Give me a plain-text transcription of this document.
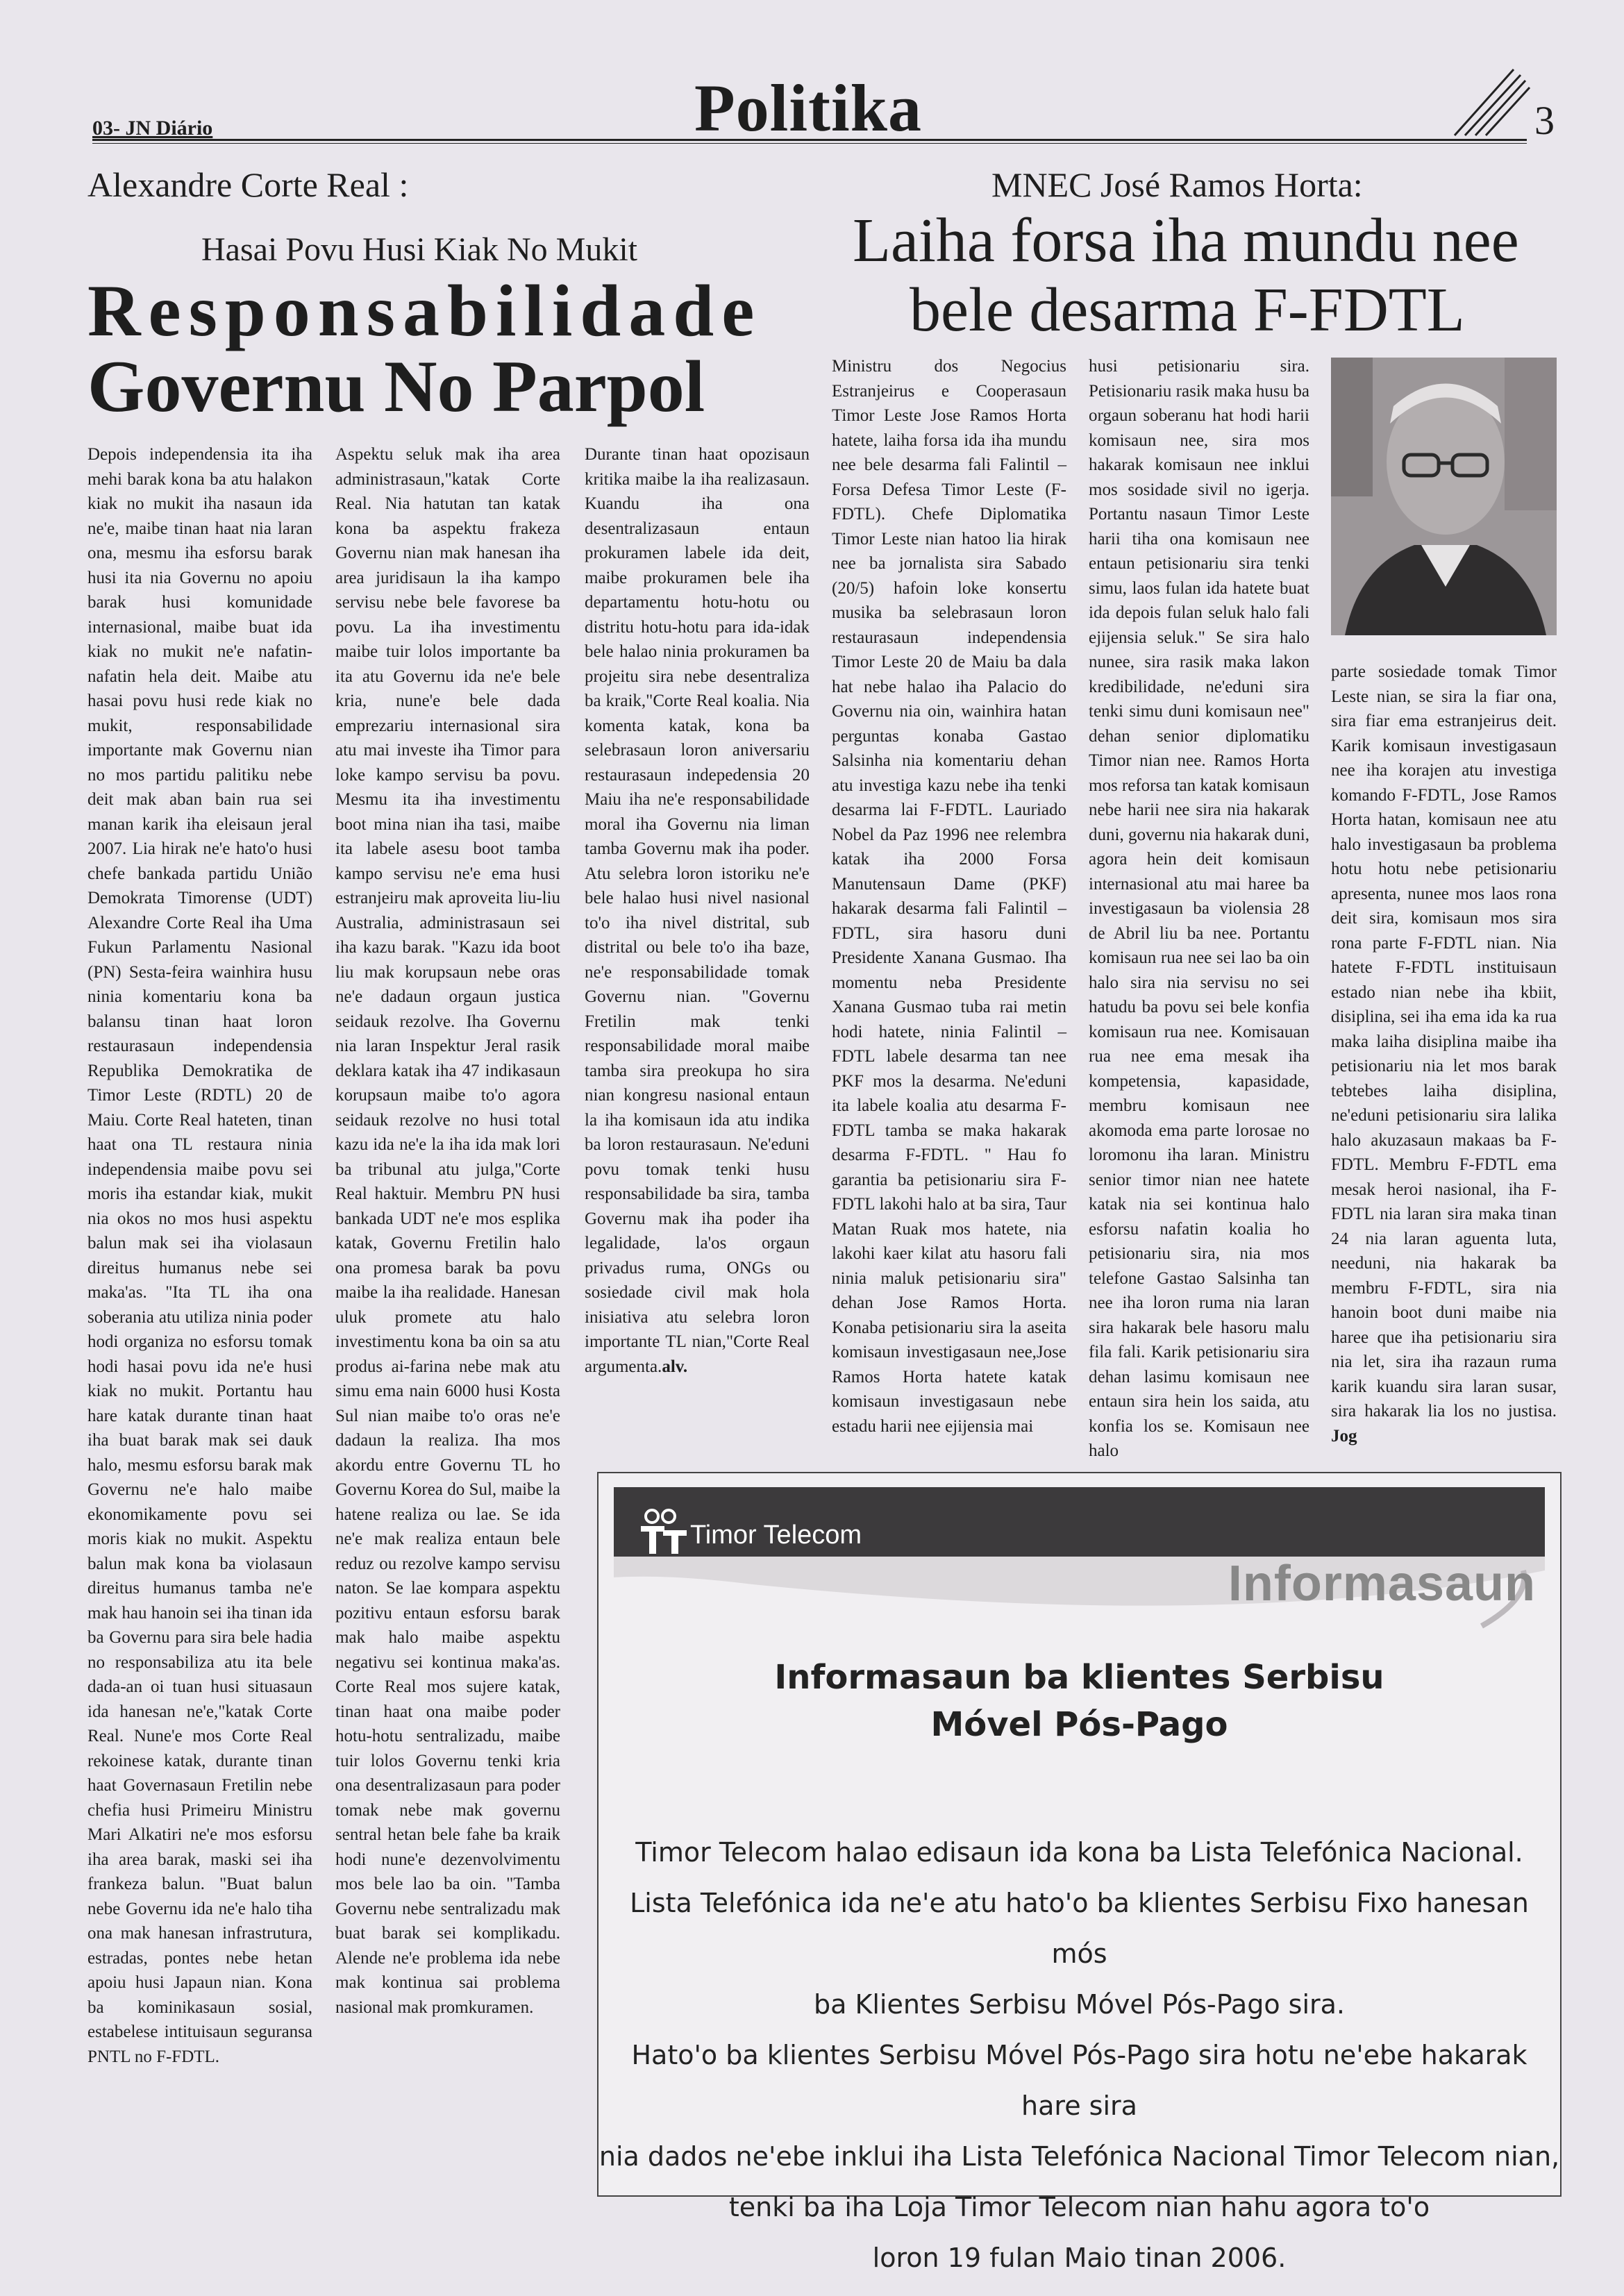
03- JN Diário	Politika	3
Alexandre Corte Real :
Hasai Povu Husi Kiak No Mukit
Responsabilidade
Governu No Parpol

Depois independensia ita iha mehi barak kona ba atu halakon kiak no mukit iha nasaun ida ne'e, maibe tinan haat nia laran ona, mesmu iha esforsu barak husi ita nia Governu no apoiu barak husi komunidade internasional, maibe buat ida kiak no mukit ne'e nafatin-nafatin hela deit. Maibe atu hasai povu husi rede kiak no mukit, responsabilidade importante mak Governu nian no mos partidu palitiku nebe deit mak aban bain rua sei manan karik iha eleisaun jeral 2007. Lia hirak ne'e hato'o husi chefe bankada partidu União Demokrata Timorense (UDT) Alexandre Corte Real iha Uma Fukun Parlamentu Nasional (PN) Sesta-feira wainhira husu ninia komentariu kona ba balansu tinan haat loron restaurasaun independensia Republika Demokratika de Timor Leste (RDTL) 20 de Maiu. Corte Real hateten, tinan haat ona TL restaura ninia independensia maibe povu sei moris iha estandar kiak, mukit nia okos no mos husi aspektu balun mak sei iha violasaun direitus humanus nebe sei maka'as. "Ita TL iha ona soberania atu utiliza ninia poder hodi organiza no esforsu tomak hodi hasai povu ida ne'e husi kiak no mukit. Portantu hau hare katak durante tinan haat iha buat barak mak sei dauk halo, mesmu esforsu barak mak Governu ne'e halo maibe ekonomikamente povu sei moris kiak no mukit. Aspektu balun mak kona ba violasaun direitus humanus tamba ne'e mak hau hanoin sei iha tinan ida ba Governu para sira bele hadia no responsabiliza atu ita bele dada-an oi tuan husi situasaun ida hanesan ne'e,"katak Corte Real. Nune'e mos Corte Real rekoinese katak, durante tinan haat Governasaun Fretilin nebe chefia husi Primeiru Ministru Mari Alkatiri ne'e mos esforsu iha area barak, maski sei iha frankeza balun. "Buat balun nebe Governu ida ne'e halo tiha ona mak hanesan infrastrutura, estradas, pontes nebe hetan apoiu husi Japaun nian. Kona ba kominikasaun sosial, estabelese intituisaun seguransa PNTL no F-FDTL.

Aspektu seluk mak iha area administrasaun,"katak Corte Real. Nia hatutan tan katak kona ba aspektu frakeza Governu nian mak hanesan iha area juridisaun la iha kampo servisu nebe bele favorese ba povu. La iha investimentu maibe tuir lolos importante ba ita atu Governu ida ne'e bele kria, nune'e bele dada emprezariu internasional sira atu mai investe iha Timor para loke kampo servisu ba povu. Mesmu ita iha investimentu boot mina nian iha tasi, maibe ita labele asesu boot tamba kampo servisu ne'e ema husi estranjeiru mak aproveita liu-liu Australia, administrasaun sei iha kazu barak. "Kazu ida boot liu mak korupsaun nebe oras ne'e dadaun orgaun justica seidauk rezolve. Iha Governu nia laran Inspektur Jeral rasik deklara katak iha 47 indikasaun korupsaun maibe to'o agora seidauk rezolve no husi total kazu ida ne'e la iha ida mak lori ba tribunal atu julga,"Corte Real haktuir. Membru PN husi bankada UDT ne'e mos esplika katak, Governu Fretilin halo ona promesa barak ba povu maibe la iha realidade. Hanesan uluk promete atu halo investimentu kona ba oin sa atu produs ai-farina nebe mak atu simu ema nain 6000 husi Kosta Sul nian maibe to'o oras ne'e dadaun la realiza. Iha mos akordu entre Governu TL ho Governu Korea do Sul, maibe la hatene realiza ou lae. Se ida ne'e mak realiza entaun bele reduz ou rezolve kampo servisu naton. Se lae kompara aspektu pozitivu entaun esforsu barak mak halo maibe aspektu negativu sei kontinua maka'as. Corte Real mos sujere katak, tinan haat ona maibe poder hotu-hotu sentralizadu, maibe tuir lolos Governu tenki kria ona desentralizasaun para poder tomak nebe mak governu sentral hetan bele fahe ba kraik hodi nune'e dezenvolvimentu mos bele lao ba oin. "Tamba Governu nebe sentralizadu mak buat barak sei komplikadu. Alende ne'e problema ida nebe mak kontinua sai problema nasional mak promkuramen.

Durante tinan haat opozisaun kritika maibe la iha realizasaun. Kuandu iha ona desentralizasaun entaun prokuramen labele ida deit, maibe prokuramen bele iha departamentu hotu-hotu ou distritu hotu-hotu para ida-idak bele halao ninia prokuramen ba projeitu sira nebe desentraliza ba kraik,"Corte Real koalia. Nia komenta katak, kona ba selebrasaun loron aniversariu restaurasaun indepedensia 20 Maiu iha ne'e responsabilidade moral iha Governu nia liman tamba Governu mak iha poder. Atu selebra loron istoriku ne'e bele halao husi nivel nasional to'o iha nivel distrital, sub distrital ou bele to'o iha baze, ne'e responsabilidade tomak Governu nian. "Governu Fretilin mak tenki responsabilidade moral maibe tamba sira preokupa ho sira nian kongresu nasional entaun la iha komisaun ida atu indika ba loron restaurasaun. Ne'eduni povu tomak tenki husu responsabilidade ba sira, tamba Governu mak iha poder iha legalidade, la'os orgaun privadus ruma, ONGs ou sosiedade civil mak hola inisiativa atu selebra loron importante TL nian,"Corte Real argumenta.alv.

MNEC José Ramos Horta:
Laiha forsa iha mundu nee
bele desarma F-FDTL

Ministru dos Negocius Estranjeirus e Cooperasaun Timor Leste Jose Ramos Horta hatete, laiha forsa ida iha mundu nee bele desarma fali Falintil – Forsa Defesa Timor Leste (F-FDTL). Chefe Diplomatika Timor Leste nian hatoo lia hirak nee ba jornalista sira Sabado (20/5) hafoin loke konsertu musika ba selebrasaun loron restaurasaun independensia Timor Leste 20 de Maiu ba dala hat nebe halao iha Palacio do Governu nia oin, wainhira hatan perguntas konaba Gastao Salsinha nia komentariu dehan atu investiga kazu nebe iha tenki desarma lai F-FDTL. Lauriado Nobel da Paz 1996 nee relembra katak iha 2000 Forsa Manutensaun Dame (PKF) hakarak desarma fali Falintil – FDTL, sira hasoru duni Presidente Xanana Gusmao. Iha momentu neba Presidente Xanana Gusmao tuba rai metin hodi hatete, ninia Falintil – FDTL labele desarma tan nee PKF mos la desarma. Ne'eduni ita labele koalia atu desarma F-FDTL tamba se maka hakarak desarma F-FDTL. " Hau fo garantia ba petisionariu sira F-FDTL lakohi halo at ba sira, Taur Matan Ruak mos hatete, nia lakohi kaer kilat atu hasoru fali ninia maluk petisionariu sira" dehan Jose Ramos Horta. Konaba petisionariu sira la aseita komisaun investigasaun nee,Jose Ramos Horta hatete katak komisaun investigasaun nebe estadu harii nee ejijensia mai

husi petisionariu sira. Petisionariu rasik maka husu ba orgaun soberanu hat hodi harii komisaun nee, sira mos hakarak komisaun nee inklui mos sosidade sivil no igerja. Portantu nasaun Timor Leste harii tiha ona komisaun nee entaun petisionariu sira tenki simu, laos fulan ida hatete buat ida depois fulan seluk halo fali ejijensia seluk." Se sira halo nunee, sira rasik maka lakon kredibilidade, ne'eduni sira tenki simu duni komisaun nee" dehan senior diplomatiku Timor nian nee. Ramos Horta mos reforsa tan katak komisaun nebe harii nee sira nia hakarak duni, governu nia hakarak duni, agora hein deit komisaun internasional atu mai haree ba investigasaun ba violensia 28 de Abril liu ba nee. Portantu komisaun rua nee sei lao ba oin halo sira nia servisu no sei hatudu ba povu sei bele konfia komisaun rua nee. Komisauan rua nee ema mesak iha kompetensia, kapasidade, membru komisaun nee akomoda ema parte lorosae no loromonu iha laran. Ministru senior timor nian nee hatete katak nia sei kontinua halo esforsu nafatin koalia ho petisionariu sira, nia mos telefone Gastao Salsinha tan nee iha loron ruma nia laran sira hakarak bele hasoru malu fila fali. Karik petisionariu sira dehan lasimu komisaun nee entaun sira hein los saida, atu konfia los se. Komisaun nee halo

parte sosiedade tomak Timor Leste nian, se sira la fiar ona, sira fiar ema estranjeirus deit. Karik komisaun investigasaun nee iha korajen atu investiga komando F-FDTL, Jose Ramos Horta hatan, komisaun nee atu halo investigasaun ba problema hotu hotu nebe petisionariu apresenta, nunee mos laos rona deit sira, komisaun mos sira rona parte F-FDTL nian. Nia hatete F-FDTL instituisaun estado nian nebe iha kbiit, disiplina, sei iha ema ida ka rua maka laiha disiplina maibe iha petisionariu nia let mos barak tebtebes laiha disiplina, ne'eduni petisionariu sira lalika halo akuzasaun makaas ba F-FDTL. Membru F-FDTL ema mesak heroi nasional, iha F-FDTL nia laran sira maka tinan 24 nia laran aguenta luta, needuni, nia hakarak ba membru F-FDTL, sira nia hanoin boot duni maibe nia haree que iha petisionariu sira nia let, sira iha razaun ruma karik kuandu sira laran susar, sira hakarak lia los no justisa. Jog

Timor Telecom
Informasaun
Informasaun ba klientes Serbisu
Móvel Pós-Pago
Timor Telecom halao edisaun ida kona ba Lista Telefónica Nacional.
Lista Telefónica ida ne'e atu hato'o ba klientes Serbisu Fixo hanesan mós
ba Klientes Serbisu Móvel Pós-Pago sira.
Hato'o ba klientes Serbisu Móvel Pós-Pago sira hotu ne'ebe hakarak hare sira
nia dados ne'ebe inklui iha Lista Telefónica Nacional Timor Telecom nian,
tenki ba iha Loja Timor Telecom nian hahu agora to'o
loron 19 fulan Maio tinan 2006.
